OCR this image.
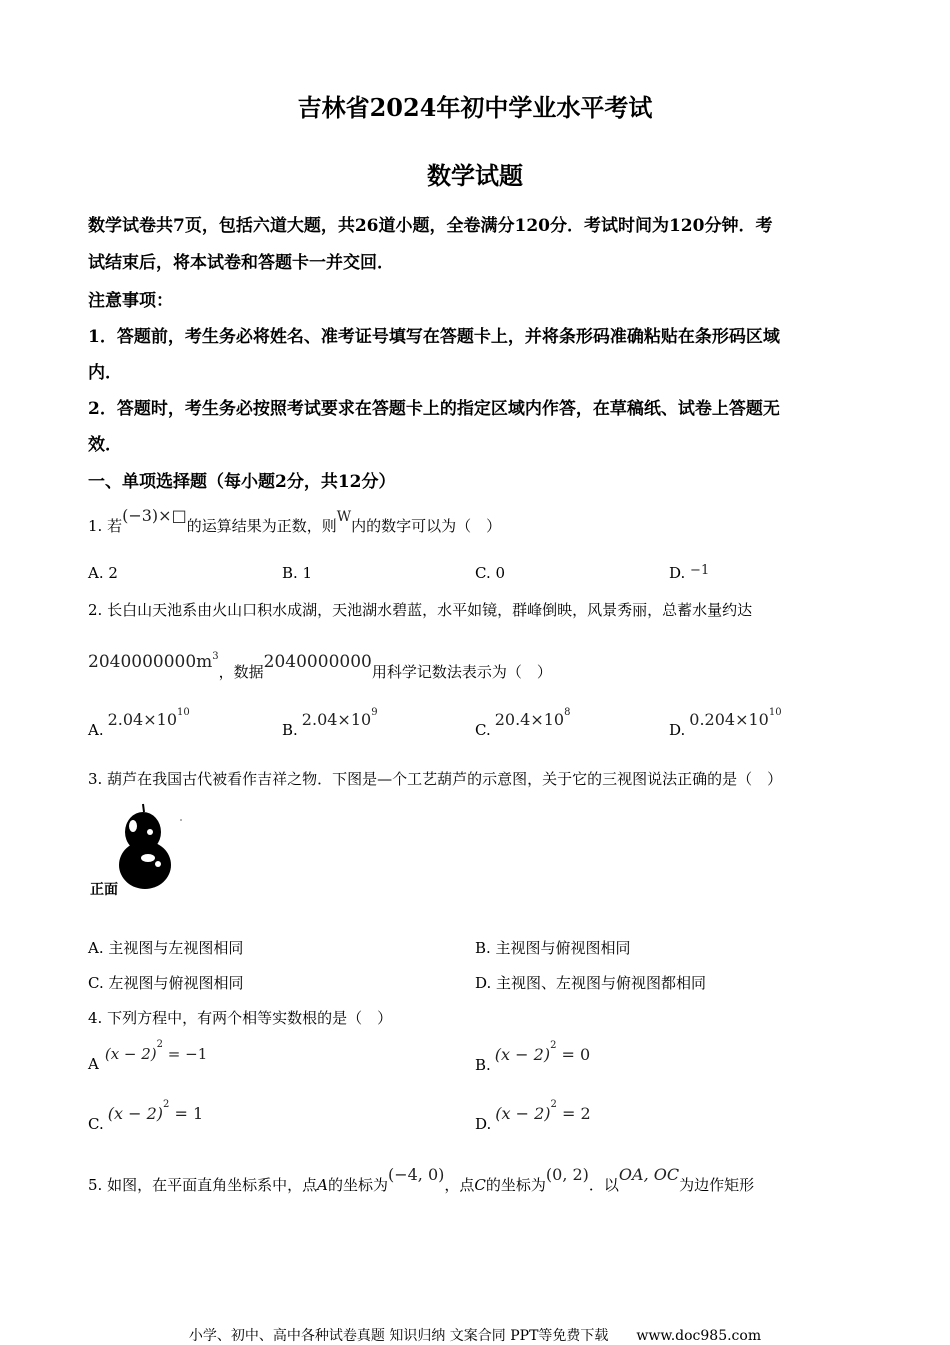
吉林省2024年初中学业水平考试
数学试题
数学试卷共7页，包括六道大题，共26道小题，全卷满分120分．考试时间为120分钟．考
试结束后，将本试卷和答题卡一并交回．
注意事项：
1．答题前，考生务必将姓名、准考证号填写在答题卡上，并将条形码准确粘贴在条形码区域
内．
2．答题时，考生务必按照考试要求在答题卡上的指定区域内作答，在草稿纸、试卷上答题无
效．
一、单项选择题（每小题2分，共12分）
1. 若(−3)×□的运算结果为正数，则W内的数字可以为（　）
A. 2	B. 1	C. 0	D. −1
2. 长白山天池系由火山口积水成湖，天池湖水碧蓝，水平如镜，群峰倒映，风景秀丽，总蓄水量约达
$2040000000m^3$，数据2040000000用科学记数法表示为（　）
$A.2.04\times 10^{10}$
$B.2.04\times 10^9$
$C.20.4\times 10^8$
$D.0.204\times 10^{10}$
3. 葫芦在我国古代被看作吉祥之物．下图是—个工艺葫芦的示意图，关于它的三视图说法正确的是（　）
正面
A. 主视图与左视图相同	B. 主视图与俯视图相同
C. 左视图与俯视图相同	D. 主视图、左视图与俯视图都相同
4. 下列方程中，有两个相等实数根的是（　）
$A(x - 2)^2 = -1$
$B.(x - 2)^2 = 0$
$C.(x - 2)^2 = 1$
$D.(x - 2)^2 = 2$
5. 如图，在平面直角坐标系中，点A的坐标为(−4, 0)，点C的坐标为(0, 2)．以OA, OC为边作矩形
小学、初中、高中各种试卷真题 知识归纳 文案合同 PPT等免费下载　　www.doc985.com
